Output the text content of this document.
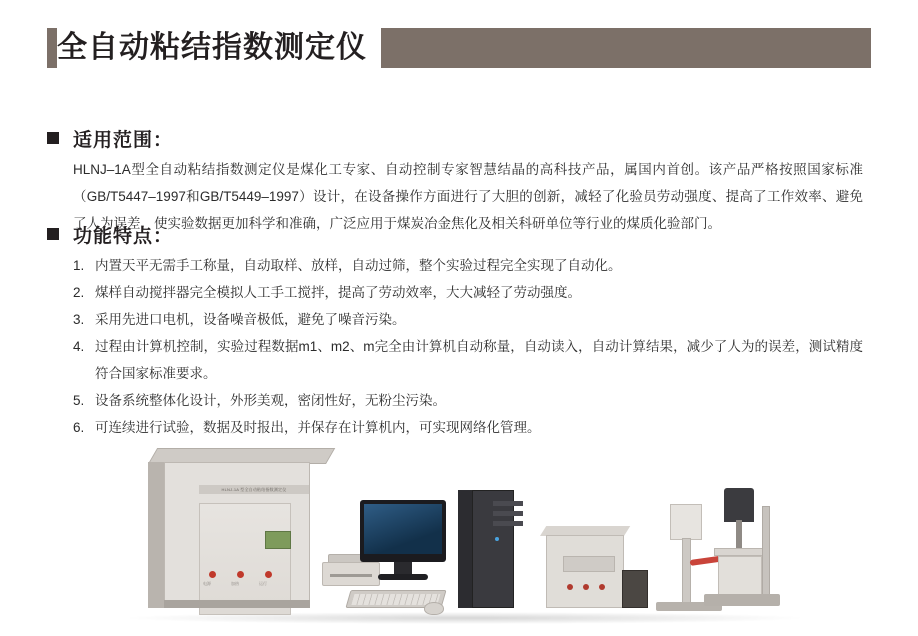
全自动粘结指数测定仪
适用范围：
HLNJ–1A型全自动粘结指数测定仪是煤化工专家、自动控制专家智慧结晶的高科技产品，属国内首创。该产品严格按照国家标准（GB/T5447–1997和GB/T5449–1997）设计，在设备操作方面进行了大胆的创新，减轻了化验员劳动强度、提高了工作效率、避免了人为误差，使实验数据更加科学和准确，广泛应用于煤炭冶金焦化及相关科研单位等行业的煤质化验部门。
功能特点：
1. 内置天平无需手工称量，自动取样、放样，自动过筛，整个实验过程完全实现了自动化。
2. 煤样自动搅拌器完全模拟人工手工搅拌，提高了劳动效率，大大减轻了劳动强度。
3. 采用先进口电机，设备噪音极低，避免了噪音污染。
4. 过程由计算机控制，实验过程数据m1、m2、m完全由计算机自动称量，自动读入，自动计算结果，减少了人为的误差，测试精度符合国家标准要求。
5. 设备系统整体化设计，外形美观，密闭性好，无粉尘污染。
6. 可连续进行试验，数据及时报出，并保存在计算机内，可实现网络化管理。
HLNJ-1A 型全自动粘结指数测定仪
电源	加热	运行
